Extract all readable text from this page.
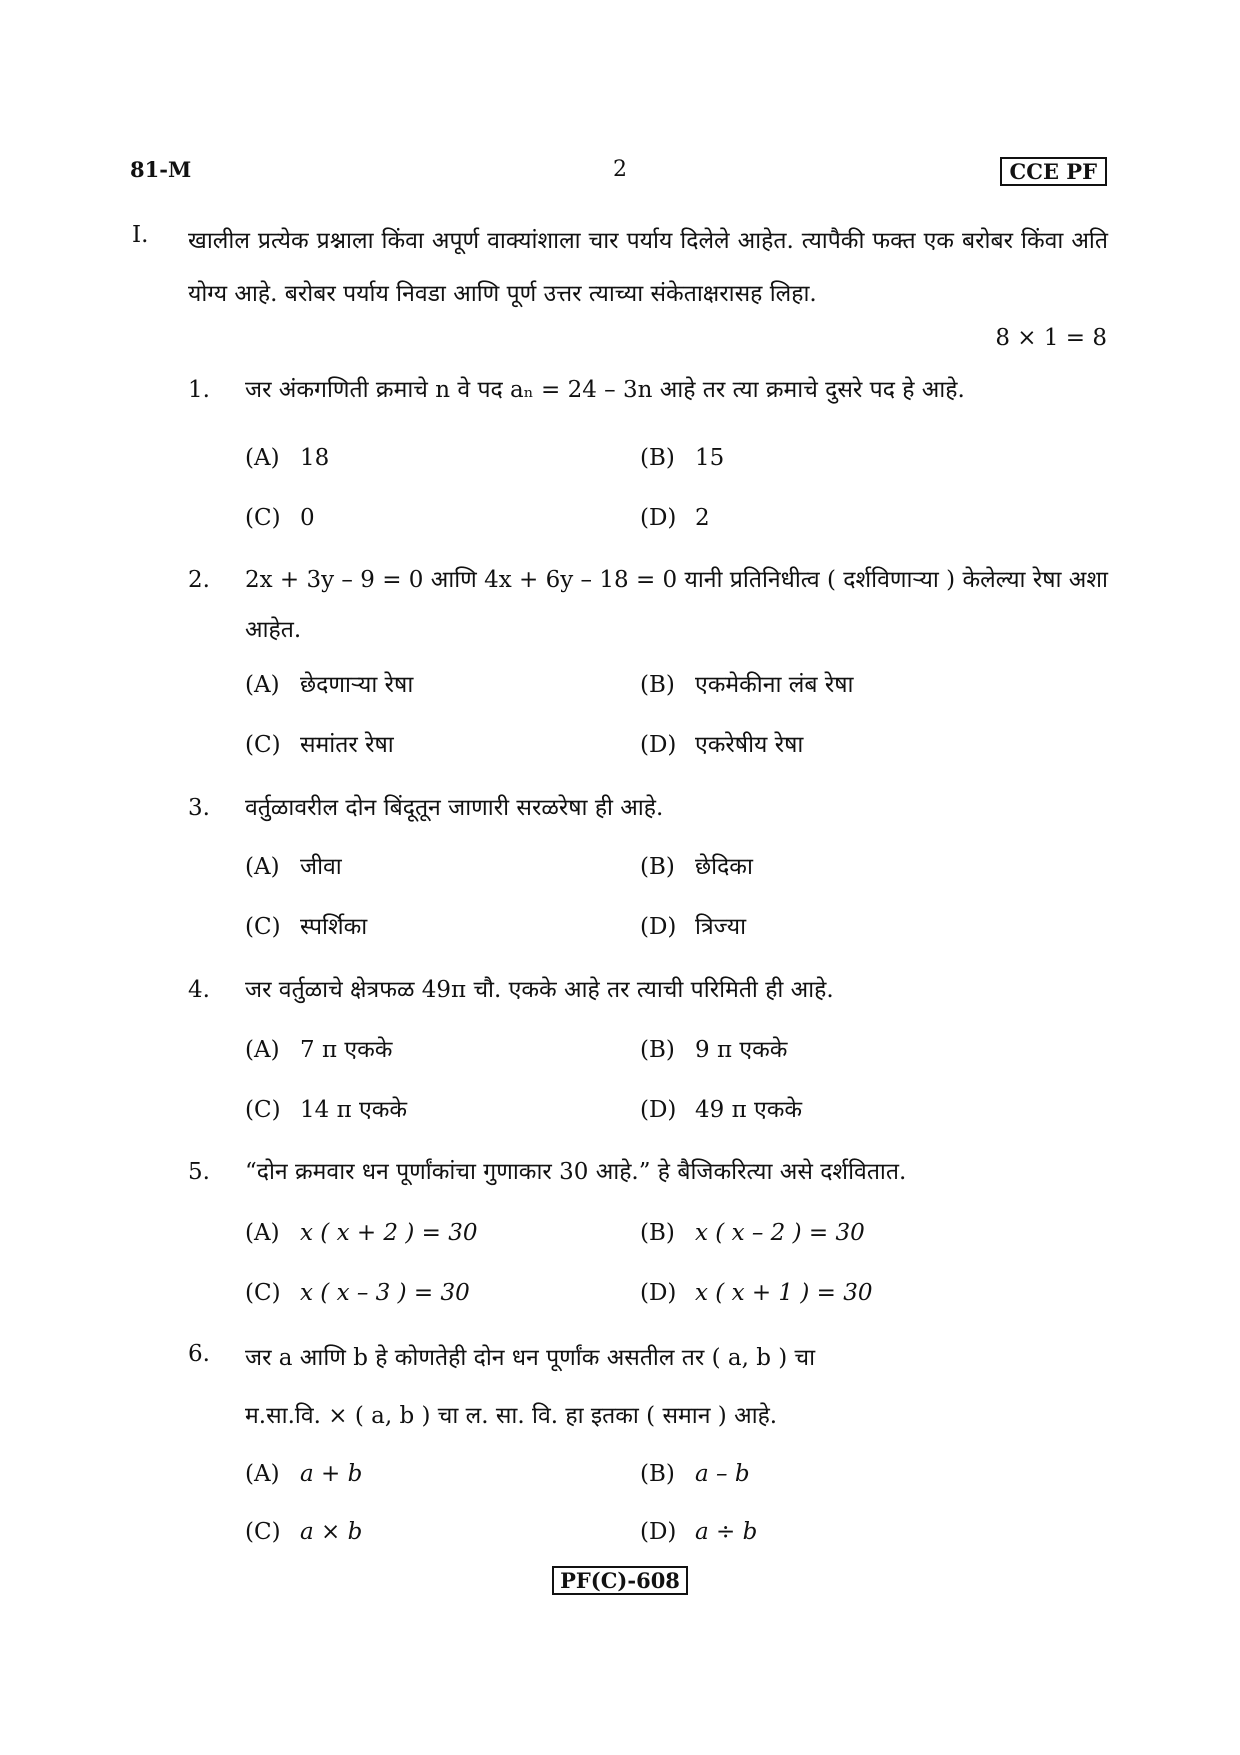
81-M	2	CCE PF
I. खालील प्रत्येक प्रश्नाला किंवा अपूर्ण वाक्यांशाला चार पर्याय दिलेले आहेत. त्यापैकी फक्त एक बरोबर किंवा अति योग्य आहे. बरोबर पर्याय निवडा आणि पूर्ण उत्तर त्याच्या संकेताक्षरासह लिहा.
8 × 1 = 8
1.	जर अंकगणिती क्रमाचे n वे पद aₙ = 24 – 3n आहे तर त्या क्रमाचे दुसरे पद हे आहे.
(A) 18	(B) 15
(C) 0	(D) 2
2.	2x + 3y – 9 = 0 आणि 4x + 6y – 18 = 0 यानी प्रतिनिधीत्व ( दर्शविणाऱ्या ) केलेल्या रेषा अशा आहेत.
(A) छेदणाऱ्या रेषा	(B) एकमेकीना लंब रेषा
(C) समांतर रेषा	(D) एकरेषीय रेषा
3.	वर्तुळावरील दोन बिंदूतून जाणारी सरळरेषा ही आहे.
(A) जीवा	(B) छेदिका
(C) स्पर्शिका	(D) त्रिज्या
4.	जर वर्तुळाचे क्षेत्रफळ 49π चौ. एकके आहे तर त्याची परिमिती ही आहे.
(A) 7 π एकके	(B) 9 π एकके
(C) 14 π एकके	(D) 49 π एकके
5.	“दोन क्रमवार धन पूर्णांकांचा गुणाकार 30 आहे.” हे बैजिकरित्या असे दर्शवितात.
(A) x ( x + 2 ) = 30	(B) x ( x – 2 ) = 30
(C) x ( x – 3 ) = 30	(D) x ( x + 1 ) = 30
6.	जर a आणि b हे कोणतेही दोन धन पूर्णांक असतील तर ( a, b ) चा म.सा.वि. × ( a, b ) चा ल. सा. वि. हा इतका ( समान ) आहे.
(A) a + b	(B) a – b
(C) a × b	(D) a ÷ b
PF(C)-608
